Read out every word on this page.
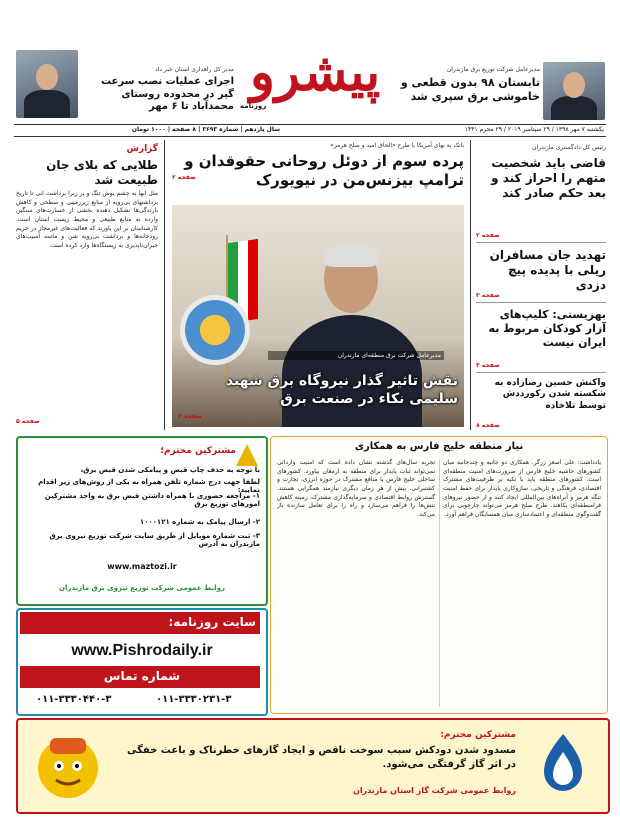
مدیرعامل شرکت توزیع برق مازندران
تابستان ۹۸ بدون قطعی و خاموشی برق سپری شد
پیشرو
روزنامه
مدیر کل راهداری استان خبر داد
اجرای عملیات نصب سرعت گیر در محدوده روستای محمدآباد تا ۶ مهر
یکشنبه ۷ مهر ۱۳۹۸ / ۲۹ سپتامبر ۲۰۱۹ / ۲۹ محرم ۱۴۴۱
سال یازدهم | شماره ۳۶۹۳ | ۸ صفحه | ۱۰۰۰ تومان
رئیس کل دادگستری مازندران
قاضی باید شخصیت متهم را احراز کند و بعد حکم صادر کند
صفحه ۲
تهدید جان مسافران ریلی با پدیده پیچ دزدی
صفحه ۳
بهزیستی: کلیپ‌های آزار کودکان مربوط به ایران نیست
صفحه ۳
واکنش حسین رضازاده به شکسته شدن رکورددش توسط تلاخاده
صفحه ۸
بانک به بهای آمریکا با طرح «الحاق امید و صلح هرمز»
پرده سوم از دوئل روحانی حقوقدان و ترامپ بیزنس‌من در نیویورک
صفحه ۲
مدیرعامل شرکت برق منطقه‌ای مازندران
نقش تاثیر گذار نیروگاه برق شهید سلیمی نکاء در صنعت برق
صفحه ۳
گزارش
طلایی که بلای جان طبیعت شد
مثل آبها به چشم یوش تنگ و پر زیرا برداشت آبی تا تاریخ برداشتهای بی‌رویه از منابع زیرزمینی و سطحی و کاهش بارندگی‌ها تشکیل دهنده بخشی از خسارت‌های سنگین وارده به منابع طبیعی و محیط زیست استان است. کارشناسان بر این باورند که فعالیت‌های غیرمجاز در حریم رودخانه‌ها و برداشت بی‌رویه شن و ماسه آسیب‌های جبران‌ناپذیری به زیستگاه‌ها وارد کرده است.
صفحه ۵
مشترکین محترم؛
با توجه به حذف چاپ قبض و پیامکی شدن قبض برق،
لطفا جهت درج شماره تلفن همراه به یکی از روش‌های زیر اقدام نمایید:
۱- مراجعه حضوری با همراه داشتن قبض برق به واحد مشترکین امورهای توزیع برق
۲- ارسال پیامک به شماره ۱۰۰۰۱۲۱
۳- ثبت شماره موبایل از طریق سایت شرکت توزیع نیروی برق مازندران به آدرس
www.maztozi.ir
روابط عمومی شرکت توزیع نیروی برق مازندران
سایت روزنامه:
www.Pishrodaily.ir
شماره تماس
۰۱۱-۳۳۳۰۲۳۱-۳
۰۱۱-۳۳۳۰۴۴۰-۳
نیاز منطقه خلیج فارس به همکاری
یادداشت: علی اصغر زرگر. همکاری دو جانبه و چندجانبه میان کشورهای حاشیه خلیج فارس از ضرورت‌های امنیت منطقه‌ای است. کشورهای منطقه باید با تکیه بر ظرفیت‌های مشترک اقتصادی، فرهنگی و تاریخی، سازوکاری پایدار برای حفظ امنیت تنگه هرمز و آبراه‌های بین‌المللی ایجاد کنند و از حضور نیروهای فرامنطقه‌ای بکاهند. طرح صلح هرمز می‌تواند چارچوبی برای گفت‌وگوی منطقه‌ای و اعتمادسازی میان همسایگان فراهم آورد.
تجربه سال‌های گذشته نشان داده است که امنیت وارداتی نمی‌تواند ثبات پایدار برای منطقه به ارمغان بیاورد. کشورهای ساحلی خلیج فارس با منافع مشترک در حوزه انرژی، تجارت و کشتیرانی، بیش از هر زمان دیگری نیازمند همگرایی هستند. گسترش روابط اقتصادی و سرمایه‌گذاری مشترک، زمینه کاهش تنش‌ها را فراهم می‌سازد و راه را برای تعامل سازنده باز می‌کند.
مشترکین محترم:
مسدود شدن دودکش سبب سوخت ناقص و ایجاد گازهای خطرناک و باعث خفگی در اثر گاز گرفتگی می‌شود.
روابط عمومی شرکت گاز استان مازندران
